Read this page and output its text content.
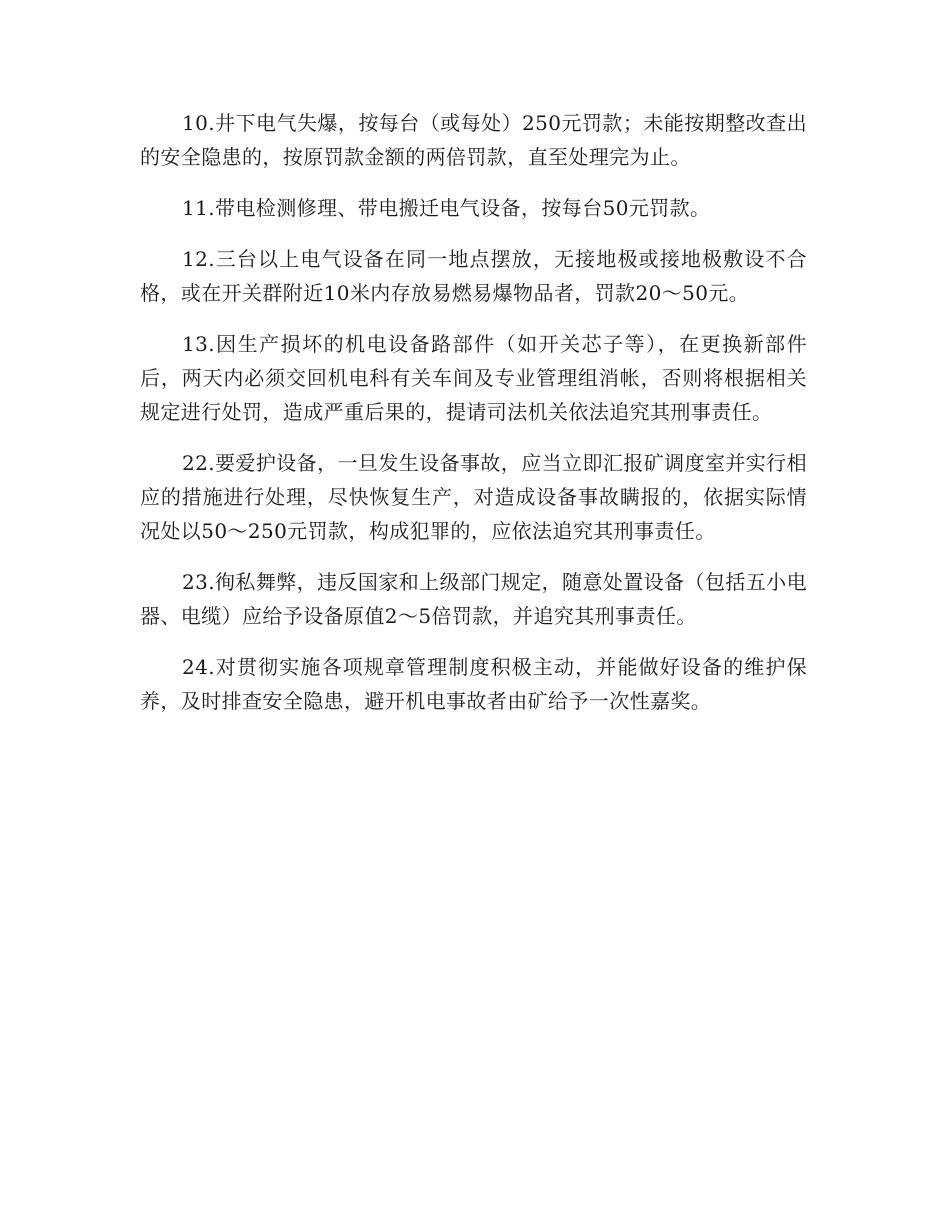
10.井下电气失爆，按每台（或每处）250元罚款；未能按期整改查出的安全隐患的，按原罚款金额的两倍罚款，直至处理完为止。

11.带电检测修理、带电搬迁电气设备，按每台50元罚款。

12.三台以上电气设备在同一地点摆放，无接地极或接地极敷设不合格，或在开关群附近10米内存放易燃易爆物品者，罚款20～50元。

13.因生产损坏的机电设备路部件（如开关芯子等），在更换新部件后，两天内必须交回机电科有关车间及专业管理组消帐，否则将根据相关规定进行处罚，造成严重后果的，提请司法机关依法追究其刑事责任。

22.要爱护设备，一旦发生设备事故，应当立即汇报矿调度室并实行相应的措施进行处理，尽快恢复生产，对造成设备事故瞒报的，依据实际情况处以50～250元罚款，构成犯罪的，应依法追究其刑事责任。

23.徇私舞弊，违反国家和上级部门规定，随意处置设备（包括五小电器、电缆）应给予设备原值2～5倍罚款，并追究其刑事责任。

24.对贯彻实施各项规章管理制度积极主动，并能做好设备的维护保养，及时排查安全隐患，避开机电事故者由矿给予一次性嘉奖。
